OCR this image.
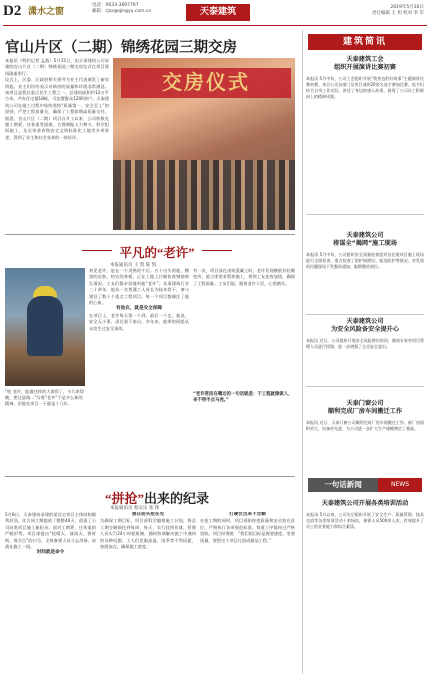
D2 潇水之窗
电话：0633-3697767
邮箱：rjzx@qingyu.com.cn	天泰建筑	2019年5月30日
责任编辑 王 玥 校对 李 军
官山片区（二期）锦绣花园三期交房
本报讯（特约记者 孟燕）5月15日，由天泰建筑公司承建的官山片区（二期）锦绣花园三期交房仪式在项目现场隆重举行。
仪式上，区委、区政府相关领导为业主代表颁发了新房钥匙，业主们纷纷表示对新房的质量和环境非常满意。该项目是我区重点民生工程之一，总建筑面积约12万平方米，共有住宅楼18栋，可安置群众1200余户。天泰建筑公司在施工过程中始终坚持“质量第一、安全至上”的原则，严把工程质量关，确保了工程如期高质量交付。据悉，官山片区（二期）项目自开工以来，公司积极克服工期紧、任务重等困难，合理调配人力物力，科学组织施工，先后荣获省级安全文明标准化工地等多项荣誉，得到了业主和社会各界的一致好评。
交房仪式
平凡的“老许”
本报通讯员 王 凯 陈 凯
“吃 老许，能做这样的大事得了，今儿来得晚，要注意路…”写着“老许”不是多么新的精神，但他在项目一干就是十几年。
初见老许，是在一个炎热的午后。五十出头的他，黝黑的皮肤，结实的身板，正在工地上仔细检查钢筋绑扎情况。工友们都亲切地叫他“老许”。从事建筑行业三十余年，他从一名普通工人成长为技术骨干，参与建设了数十个重点工程项目，每一个项目都倾注了他的心血。
有他在，就是安全保障
在项目上，老许每天第一个到，最后一个走。他说，安全无小事，责任重于泰山。多年来，他带的班组从未发生过安全事故。
有一次，项目部在浇筑混凝土时，老许发现模板有轻微变形，他立即要求暂停施工，带领工友连夜加固，确保了工程质量。工友们说，跟着老许干活，心里踏实。
“老许常挂在嘴边的一句话就是：干工程就像做人，来不得半点马虎。”
“拼抢”出来的纪录
本报通讯员 蔡安乐 张 锋
5月8日，天泰建筑承建的某住宅项目主体结构顺利封顶，比合同工期提前了整整40天，创造了公司同类项目施工新纪录。面对工期紧、任务重的严峻形势，项目部提出“抢晴天、战雨天、拼时间、保节点”的口号，全体参建人员斗志昂扬，奋战在施工一线。
时间就是命令
想在前头抢在先
为确保工期目标，项目部科学编排施工计划，将总工期分解细化到每周、每天，实行挂图作战。管理人员实行24小时轮班制，随时协调解决施工中遇到的各种问题。工人们克服高温、雨季等不利因素，加班加点，确保施工进度。
打硬仗出来不含糊
在抢工期的同时，项目部始终把质量和安全放在首位，严格执行各项规范标准，每道工序都经过严格验收。项目经理说：“我们的目标是既要速度，更要质量，要把这个项目打造成精品工程。”
建筑简讯
天泰建筑工会
组织开展演讲比赛初赛
本报讯 5月中旬，公司工会组织开展“我身边的好故事”主题演讲比赛初赛。来自公司各部门及项目部的20余名选手参加比赛。选手们结合自身工作实际，讲述了身边的感人故事，展现了公司员工积极向上的精神风貌。
天泰建筑公司
将谋全“揭网”施工现场
本报讯 5月中旬，公司组织安全质量检查组对各在建项目施工现场进行全面检查，重点检查了防护网搭设、临边防护等情况，对发现的问题现场下发整改通知，限期整改到位。
天泰建筑公司
为安全风险备安全提升心
本报讯 近日，公司组织开展安全风险辨识培训，邀请专家对项目管理人员进行授课，进一步增强了全员安全意识。
天泰门窗公司
顺利完成厂房车间搬迁工作
本报讯 近日，天泰门窗公司顺利完成厂房车间搬迁工作。新厂房面积更大，设备更先进，为公司进一步扩大生产规模奠定了基础。
一句话新闻	NEWS
天泰建筑公司开展各类培训活动
本报讯 5月以来，公司先后组织开展了安全生产、质量管理、技术交流等各类培训活动十余场次，参训人员500余人次，有效提升了员工的业务能力和综合素质。
